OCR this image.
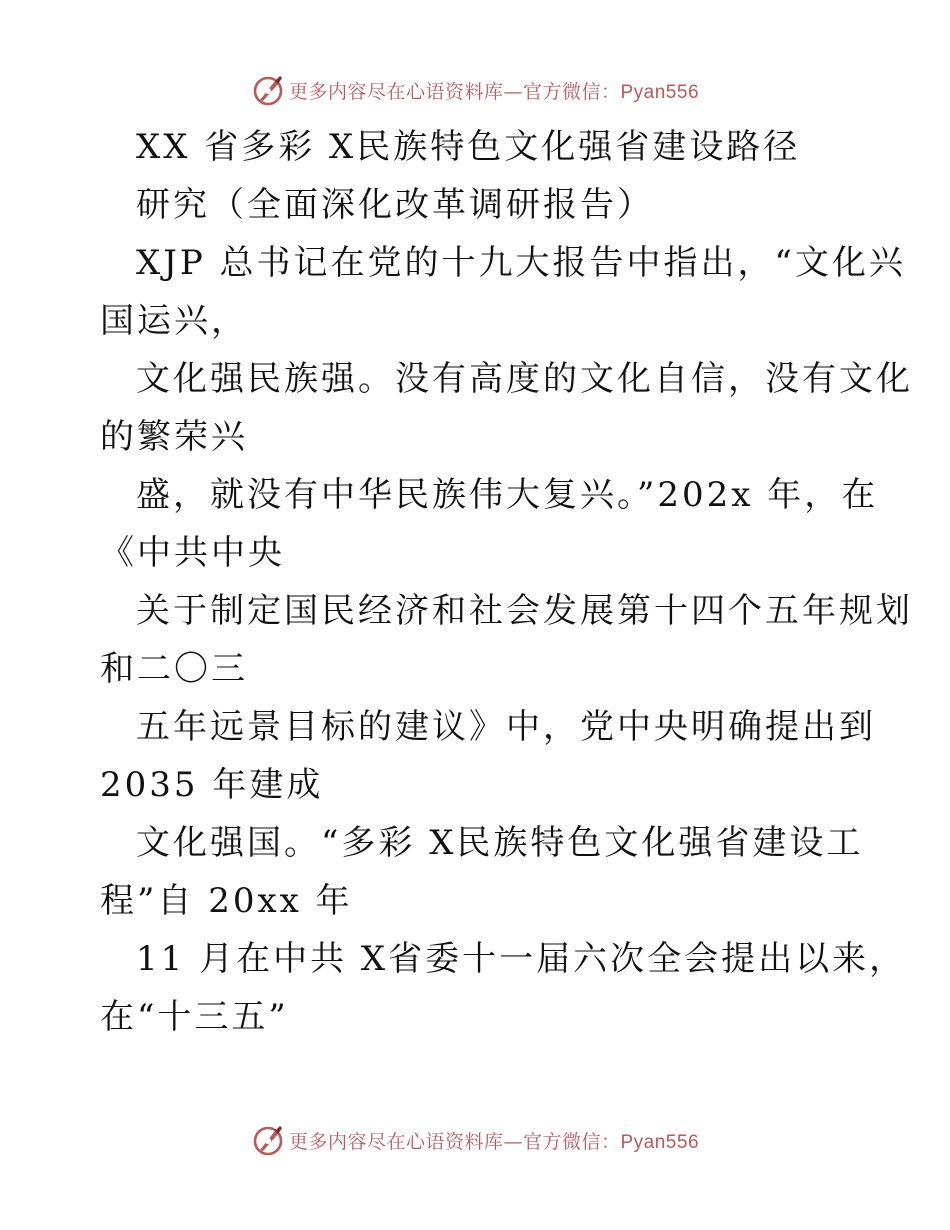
更多内容尽在心语资料库—官方微信：Pyan556
XX 省多彩 X民族特色文化强省建设路径
研究（全面深化改革调研报告）
XJP 总书记在党的十九大报告中指出，“文化兴
国运兴，
文化强民族强。没有高度的文化自信，没有文化
的繁荣兴
盛，就没有中华民族伟大复兴。”202x 年，在
《中共中央
关于制定国民经济和社会发展第十四个五年规划
和二〇三
五年远景目标的建议》中，党中央明确提出到
2035 年建成
文化强国。“多彩 X民族特色文化强省建设工
程”自 20xx 年
11 月在中共 X省委十一届六次全会提出以来，
在“十三五”
更多内容尽在心语资料库—官方微信：Pyan556
